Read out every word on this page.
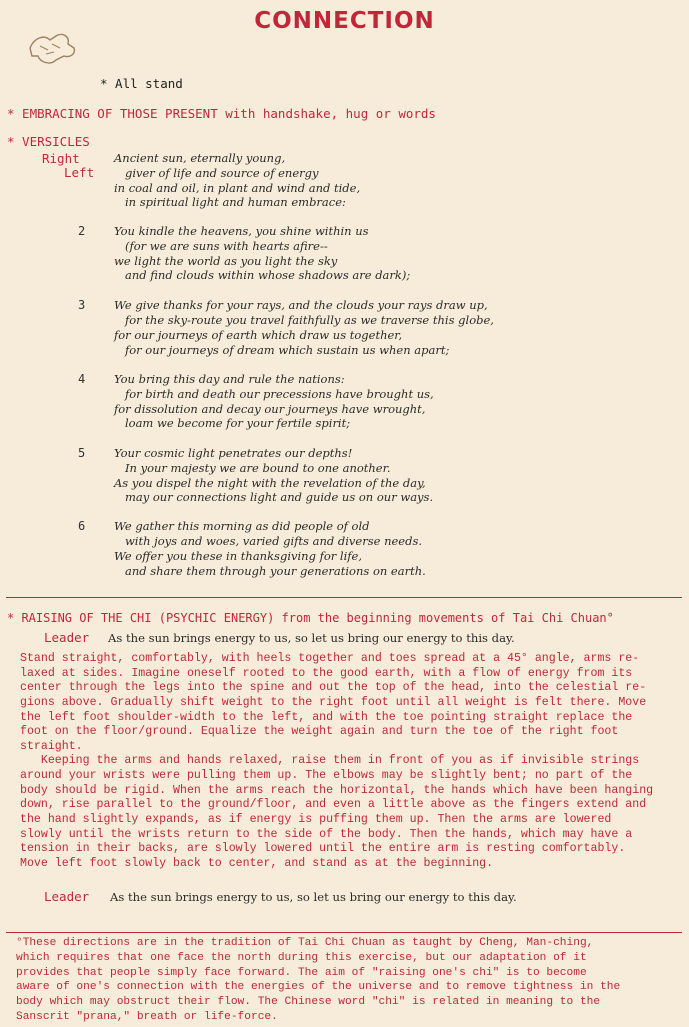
CONNECTION
* All stand
* EMBRACING OF THOSE PRESENT with handshake, hug or words
* VERSICLES
Right
Left
Ancient sun, eternally young,
giver of life and source of energy
in coal and oil, in plant and wind and tide,
in spiritual light and human embrace:
2	You kindle the heavens, you shine within us
(for we are suns with hearts afire--
we light the world as you light the sky
and find clouds within whose shadows are dark);
3	We give thanks for your rays, and the clouds your rays draw up,
for the sky-route you travel faithfully as we traverse this globe,
for our journeys of earth which draw us together,
for our journeys of dream which sustain us when apart;
4	You bring this day and rule the nations:
for birth and death our precessions have brought us,
for dissolution and decay our journeys have wrought,
loam we become for your fertile spirit;
5	Your cosmic light penetrates our depths!
In your majesty we are bound to one another.
As you dispel the night with the revelation of the day,
may our connections light and guide us on our ways.
6	We gather this morning as did people of old
with joys and woes, varied gifts and diverse needs.
We offer you these in thanksgiving for life,
and share them through your generations on earth.
* RAISING OF THE CHI (PSYCHIC ENERGY) from the beginning movements of Tai Chi Chuan°
Leader As the sun brings energy to us, so let us bring our energy to this day.
Stand straight, comfortably, with heels together and toes spread at a 45° angle, arms re-
laxed at sides. Imagine oneself rooted to the good earth, with a flow of energy from its
center through the legs into the spine and out the top of the head, into the celestial re-
gions above. Gradually shift weight to the right foot until all weight is felt there. Move
the left foot shoulder-width to the left, and with the toe pointing straight replace the
foot on the floor/ground. Equalize the weight again and turn the toe of the right foot
straight.
Keeping the arms and hands relaxed, raise them in front of you as if invisible strings
around your wrists were pulling them up. The elbows may be slightly bent; no part of the
body should be rigid. When the arms reach the horizontal, the hands which have been hanging
down, rise parallel to the ground/floor, and even a little above as the fingers extend and
the hand slightly expands, as if energy is puffing them up. Then the arms are lowered
slowly until the wrists return to the side of the body. Then the hands, which may have a
tension in their backs, are slowly lowered until the entire arm is resting comfortably.
Move left foot slowly back to center, and stand as at the beginning.
Leader As the sun brings energy to us, so let us bring our energy to this day.
°These directions are in the tradition of Tai Chi Chuan as taught by Cheng, Man-ching,
which requires that one face the north during this exercise, but our adaptation of it
provides that people simply face forward. The aim of "raising one's chi" is to become
aware of one's connection with the energies of the universe and to remove tightness in the
body which may obstruct their flow. The Chinese word "chi" is related in meaning to the
Sanscrit "prana," breath or life-force.
